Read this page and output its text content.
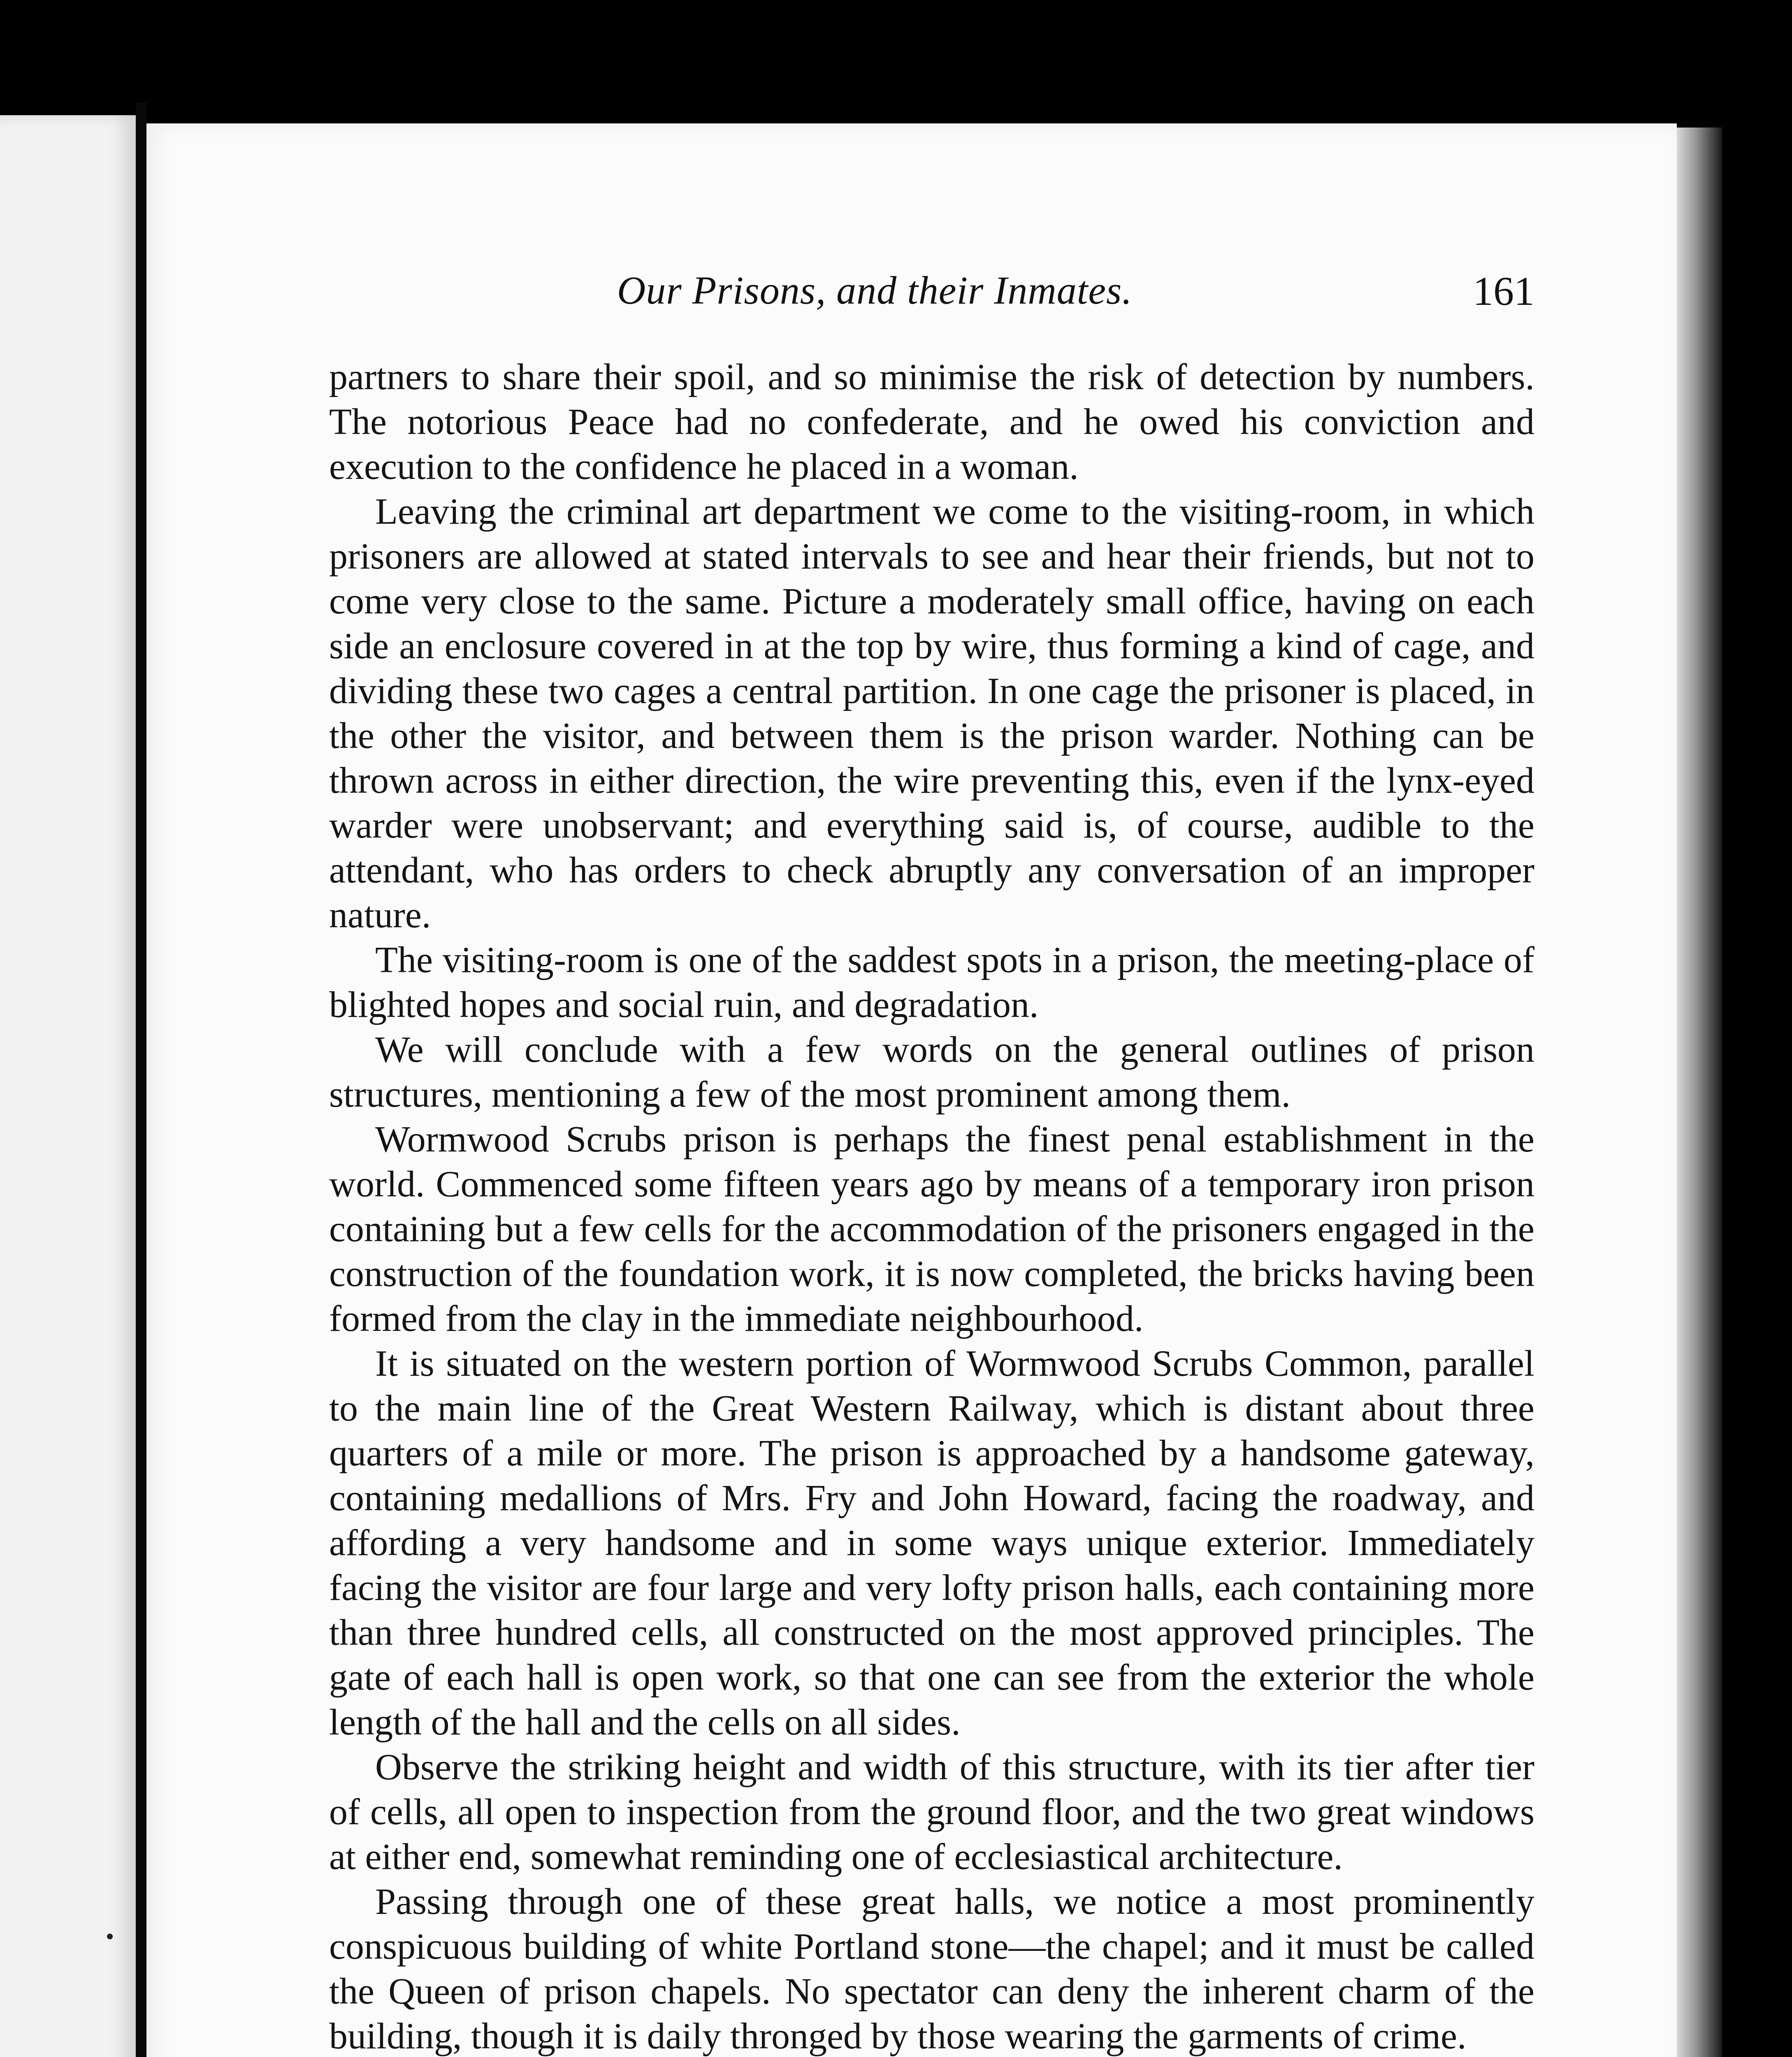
Our Prisons, and their Inmates.	161

partners to share their spoil, and so minimise the risk of detection by numbers. The notorious Peace had no confederate, and he owed his conviction and execution to the confidence he placed in a woman.

Leaving the criminal art department we come to the visiting-room, in which prisoners are allowed at stated intervals to see and hear their friends, but not to come very close to the same. Picture a moderately small office, having on each side an enclosure covered in at the top by wire, thus forming a kind of cage, and dividing these two cages a central partition. In one cage the prisoner is placed, in the other the visitor, and between them is the prison warder. Nothing can be thrown across in either direction, the wire preventing this, even if the lynx-eyed warder were unobservant; and everything said is, of course, audible to the attendant, who has orders to check abruptly any conversation of an improper nature.

The visiting-room is one of the saddest spots in a prison, the meeting-place of blighted hopes and social ruin, and degradation.

We will conclude with a few words on the general outlines of prison structures, mentioning a few of the most prominent among them.

Wormwood Scrubs prison is perhaps the finest penal establishment in the world. Commenced some fifteen years ago by means of a temporary iron prison containing but a few cells for the accommodation of the prisoners engaged in the construction of the foundation work, it is now completed, the bricks having been formed from the clay in the immediate neighbourhood.

It is situated on the western portion of Wormwood Scrubs Common, parallel to the main line of the Great Western Railway, which is distant about three quarters of a mile or more. The prison is approached by a handsome gateway, containing medallions of Mrs. Fry and John Howard, facing the roadway, and affording a very handsome and in some ways unique exterior. Immediately facing the visitor are four large and very lofty prison halls, each containing more than three hundred cells, all constructed on the most approved principles. The gate of each hall is open work, so that one can see from the exterior the whole length of the hall and the cells on all sides.

Observe the striking height and width of this structure, with its tier after tier of cells, all open to inspection from the ground floor, and the two great windows at either end, somewhat reminding one of ecclesiastical architecture.

Passing through one of these great halls, we notice a most prominently conspicuous building of white Portland stone—the chapel; and it must be called the Queen of prison chapels. No spectator can deny the inherent charm of the building, though it is daily thronged by those wearing the garments of crime.
